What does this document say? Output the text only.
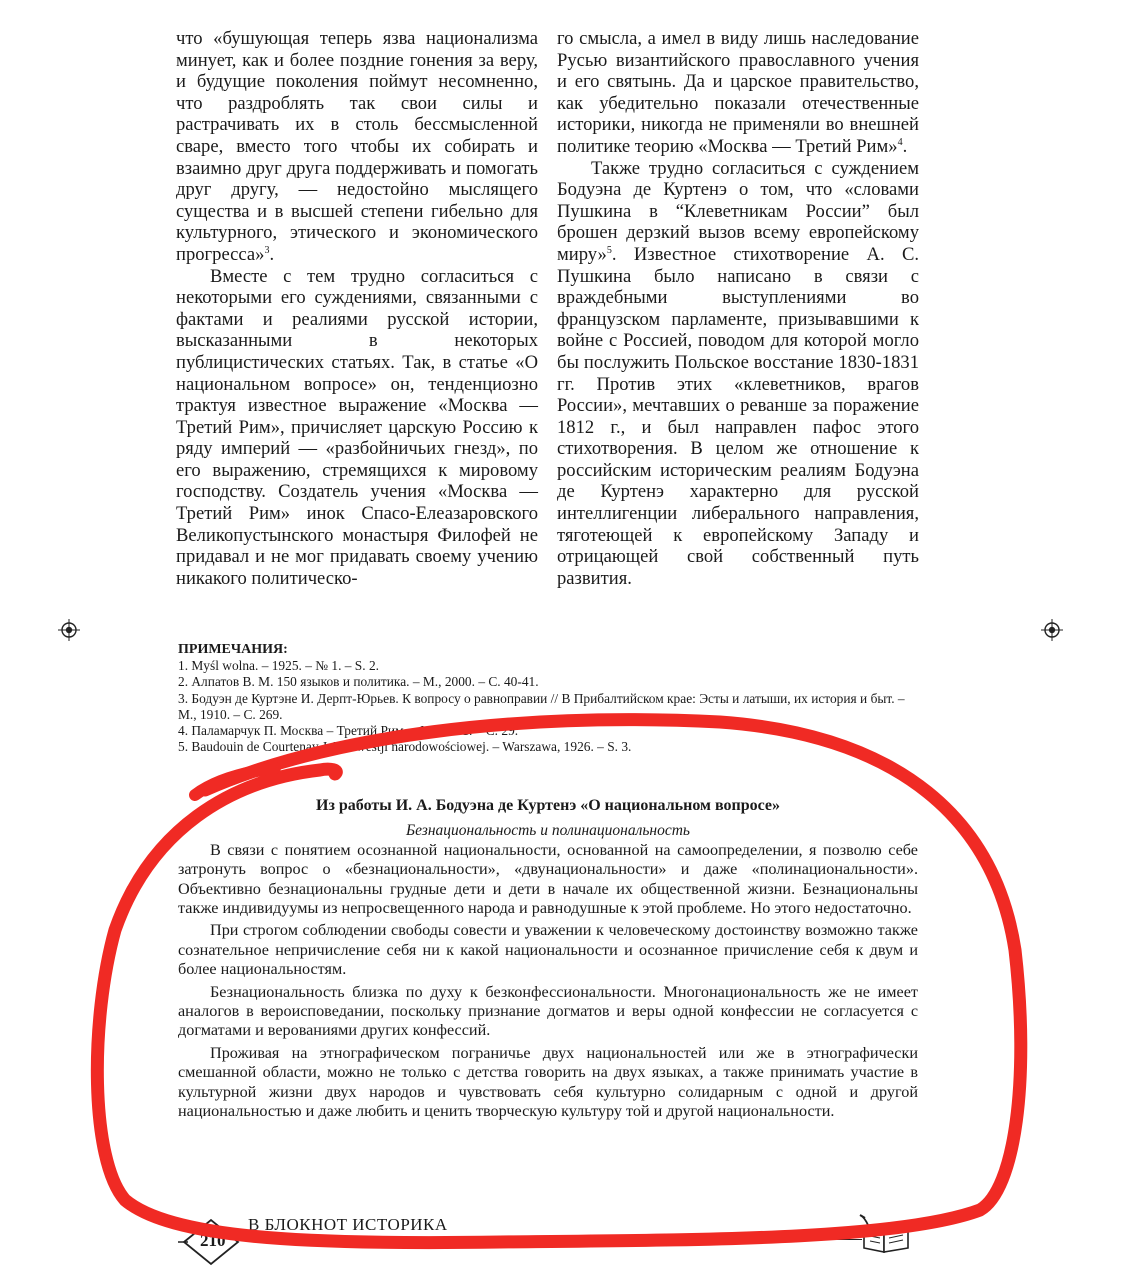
что «бушующая теперь язва национализма минует, как и более поздние гонения за веру, и будущие поколения поймут несомненно, что раздроблять так свои силы и растрачивать их в столь бессмысленной сваре, вместо того чтобы их собирать и взаимно друг друга поддерживать и помогать друг другу, — недостойно мыслящего существа и в высшей степени гибельно для культурного, этического и экономического прогресса»$^3$.

Вместе с тем трудно согласиться с некоторыми его суждениями, связанными с фактами и реалиями русской истории, высказанными в некоторых публицистических статьях. Так, в статье «О национальном вопросе» он, тенденциозно трактуя известное выражение «Москва — Третий Рим», причисляет царскую Россию к ряду империй — «разбойничьих гнезд», по его выражению, стремящихся к мировому господству. Создатель учения «Москва — Третий Рим» инок Спасо-Елеазаровского Великопустынского монастыря Филофей не придавал и не мог придавать своему учению никакого политическо-

го смысла, а имел в виду лишь наследование Русью византийского православного учения и его святынь. Да и царское правительство, как убедительно показали отечественные историки, никогда не применяли во внешней политике теорию «Москва — Третий Рим»$^4$.

Также трудно согласиться с суждением Бодуэна де Куртенэ о том, что «словами Пушкина в “Клеветникам России” был брошен дерзкий вызов всему европейскому миру»$^5$. Известное стихотворение А. С. Пушкина было написано в связи с враждебными выступлениями во французском парламенте, призывавшими к войне с Россией, поводом для которой могло бы послужить Польское восстание 1830-1831 гг. Против этих «клеветников, врагов России», мечтавших о реванше за поражение 1812 г., и был направлен пафос этого стихотворения. В целом же отношение к российским историческим реалиям Бодуэна де Куртенэ характерно для русской интеллигенции либерального направления, тяготеющей к европейскому Западу и отрицающей свой собственный путь развития.

ПРИМЕЧАНИЯ:

1. Myśl wolna. – 1925. – № 1. – S. 2.

2. Алпатов В. М. 150 языков и политика. – М., 2000. – С. 40-41.

3. Бодуэн де Куртэне И. Дерпт-Юрьев. К вопросу о равноправии // В Прибалтийском крае: Эсты и латыши, их история и быт. – М., 1910. – С. 269.

4. Паламарчук П. Москва – Третий Рим. – М., 1991. – С. 29.

5. Baudouin de Courtenay J. W kwestji narodowościowej. – Warszawa, 1926. – S. 3.

Из работы И. А. Бодуэна де Куртенэ «О национальном вопросе»
Безнациональность и полинациональность

В связи с понятием осознанной национальности, основанной на самоопределении, я позволю себе затронуть вопрос о «безнациональности», «двунациональности» и даже «полинациональности». Объективно безнациональны грудные дети и дети в начале их общественной жизни. Безнациональны также индивидуумы из непросвещенного народа и равнодушные к этой проблеме. Но этого недостаточно.

При строгом соблюдении свободы совести и уважении к человеческому достоинству возможно также сознательное непричисление себя ни к какой национальности и осознанное причисление себя к двум и более национальностям.

Безнациональность близка по духу к безконфессиональности. Многонациональность же не имеет аналогов в вероисповедании, поскольку признание догматов и веры одной конфессии не согласуется с догматами и верованиями других конфессий.

Проживая на этнографическом пограничье двух национальностей или же в этнографически смешанной области, можно не только с детства говорить на двух языках, а также принимать участие в культурной жизни двух народов и чувствовать себя культурно солидарным с одной и другой национальностью и даже любить и ценить творческую культуру той и другой национальности.

210
В БЛОКНОТ ИСТОРИКА
